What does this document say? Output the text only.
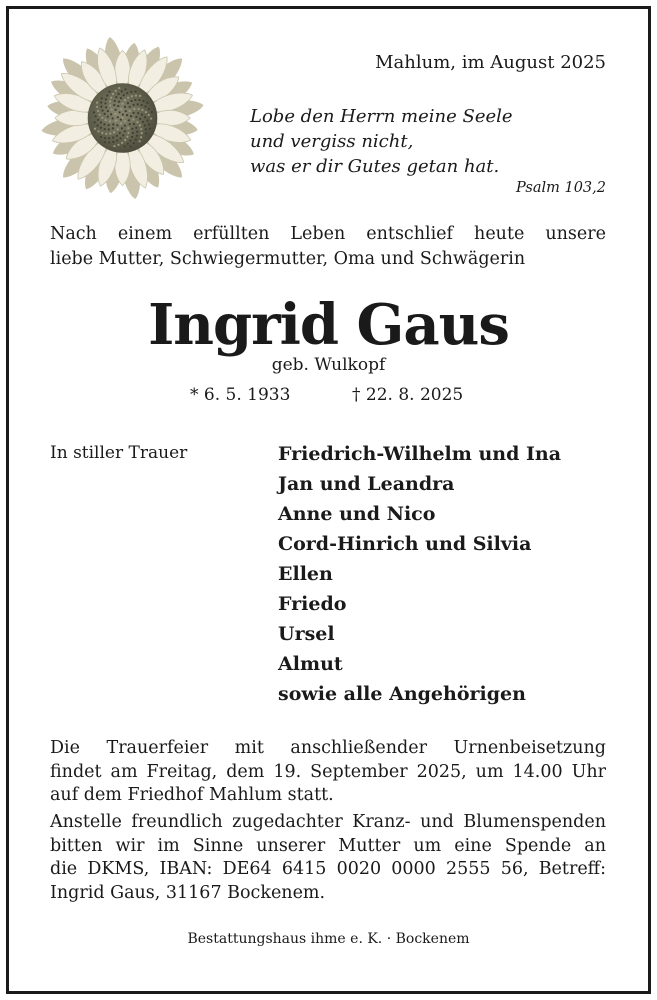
Mahlum, im August 2025
Lobe den Herrn meine Seele
und vergiss nicht,
was er dir Gutes getan hat.
Psalm 103,2
Nach einem erfüllten Leben entschlief heute unsere
liebe Mutter, Schwiegermutter, Oma und Schwägerin
Ingrid Gaus
geb. Wulkopf
* 6. 5. 1933	† 22. 8. 2025
In stiller Trauer	Friedrich-Wilhelm und Ina
Jan und Leandra
Anne und Nico
Cord-Hinrich und Silvia
Ellen
Friedo
Ursel
Almut
sowie alle Angehörigen
Die Trauerfeier mit anschließender Urnenbeisetzung
findet am Freitag, dem 19. September 2025, um 14.00 Uhr
auf dem Friedhof Mahlum statt.
Anstelle freundlich zugedachter Kranz- und Blumenspenden
bitten wir im Sinne unserer Mutter um eine Spende an
die DKMS, IBAN: DE64 6415 0020 0000 2555 56, Betreff:
Ingrid Gaus, 31167 Bockenem.
Bestattungshaus ihme e. K. · Bockenem
